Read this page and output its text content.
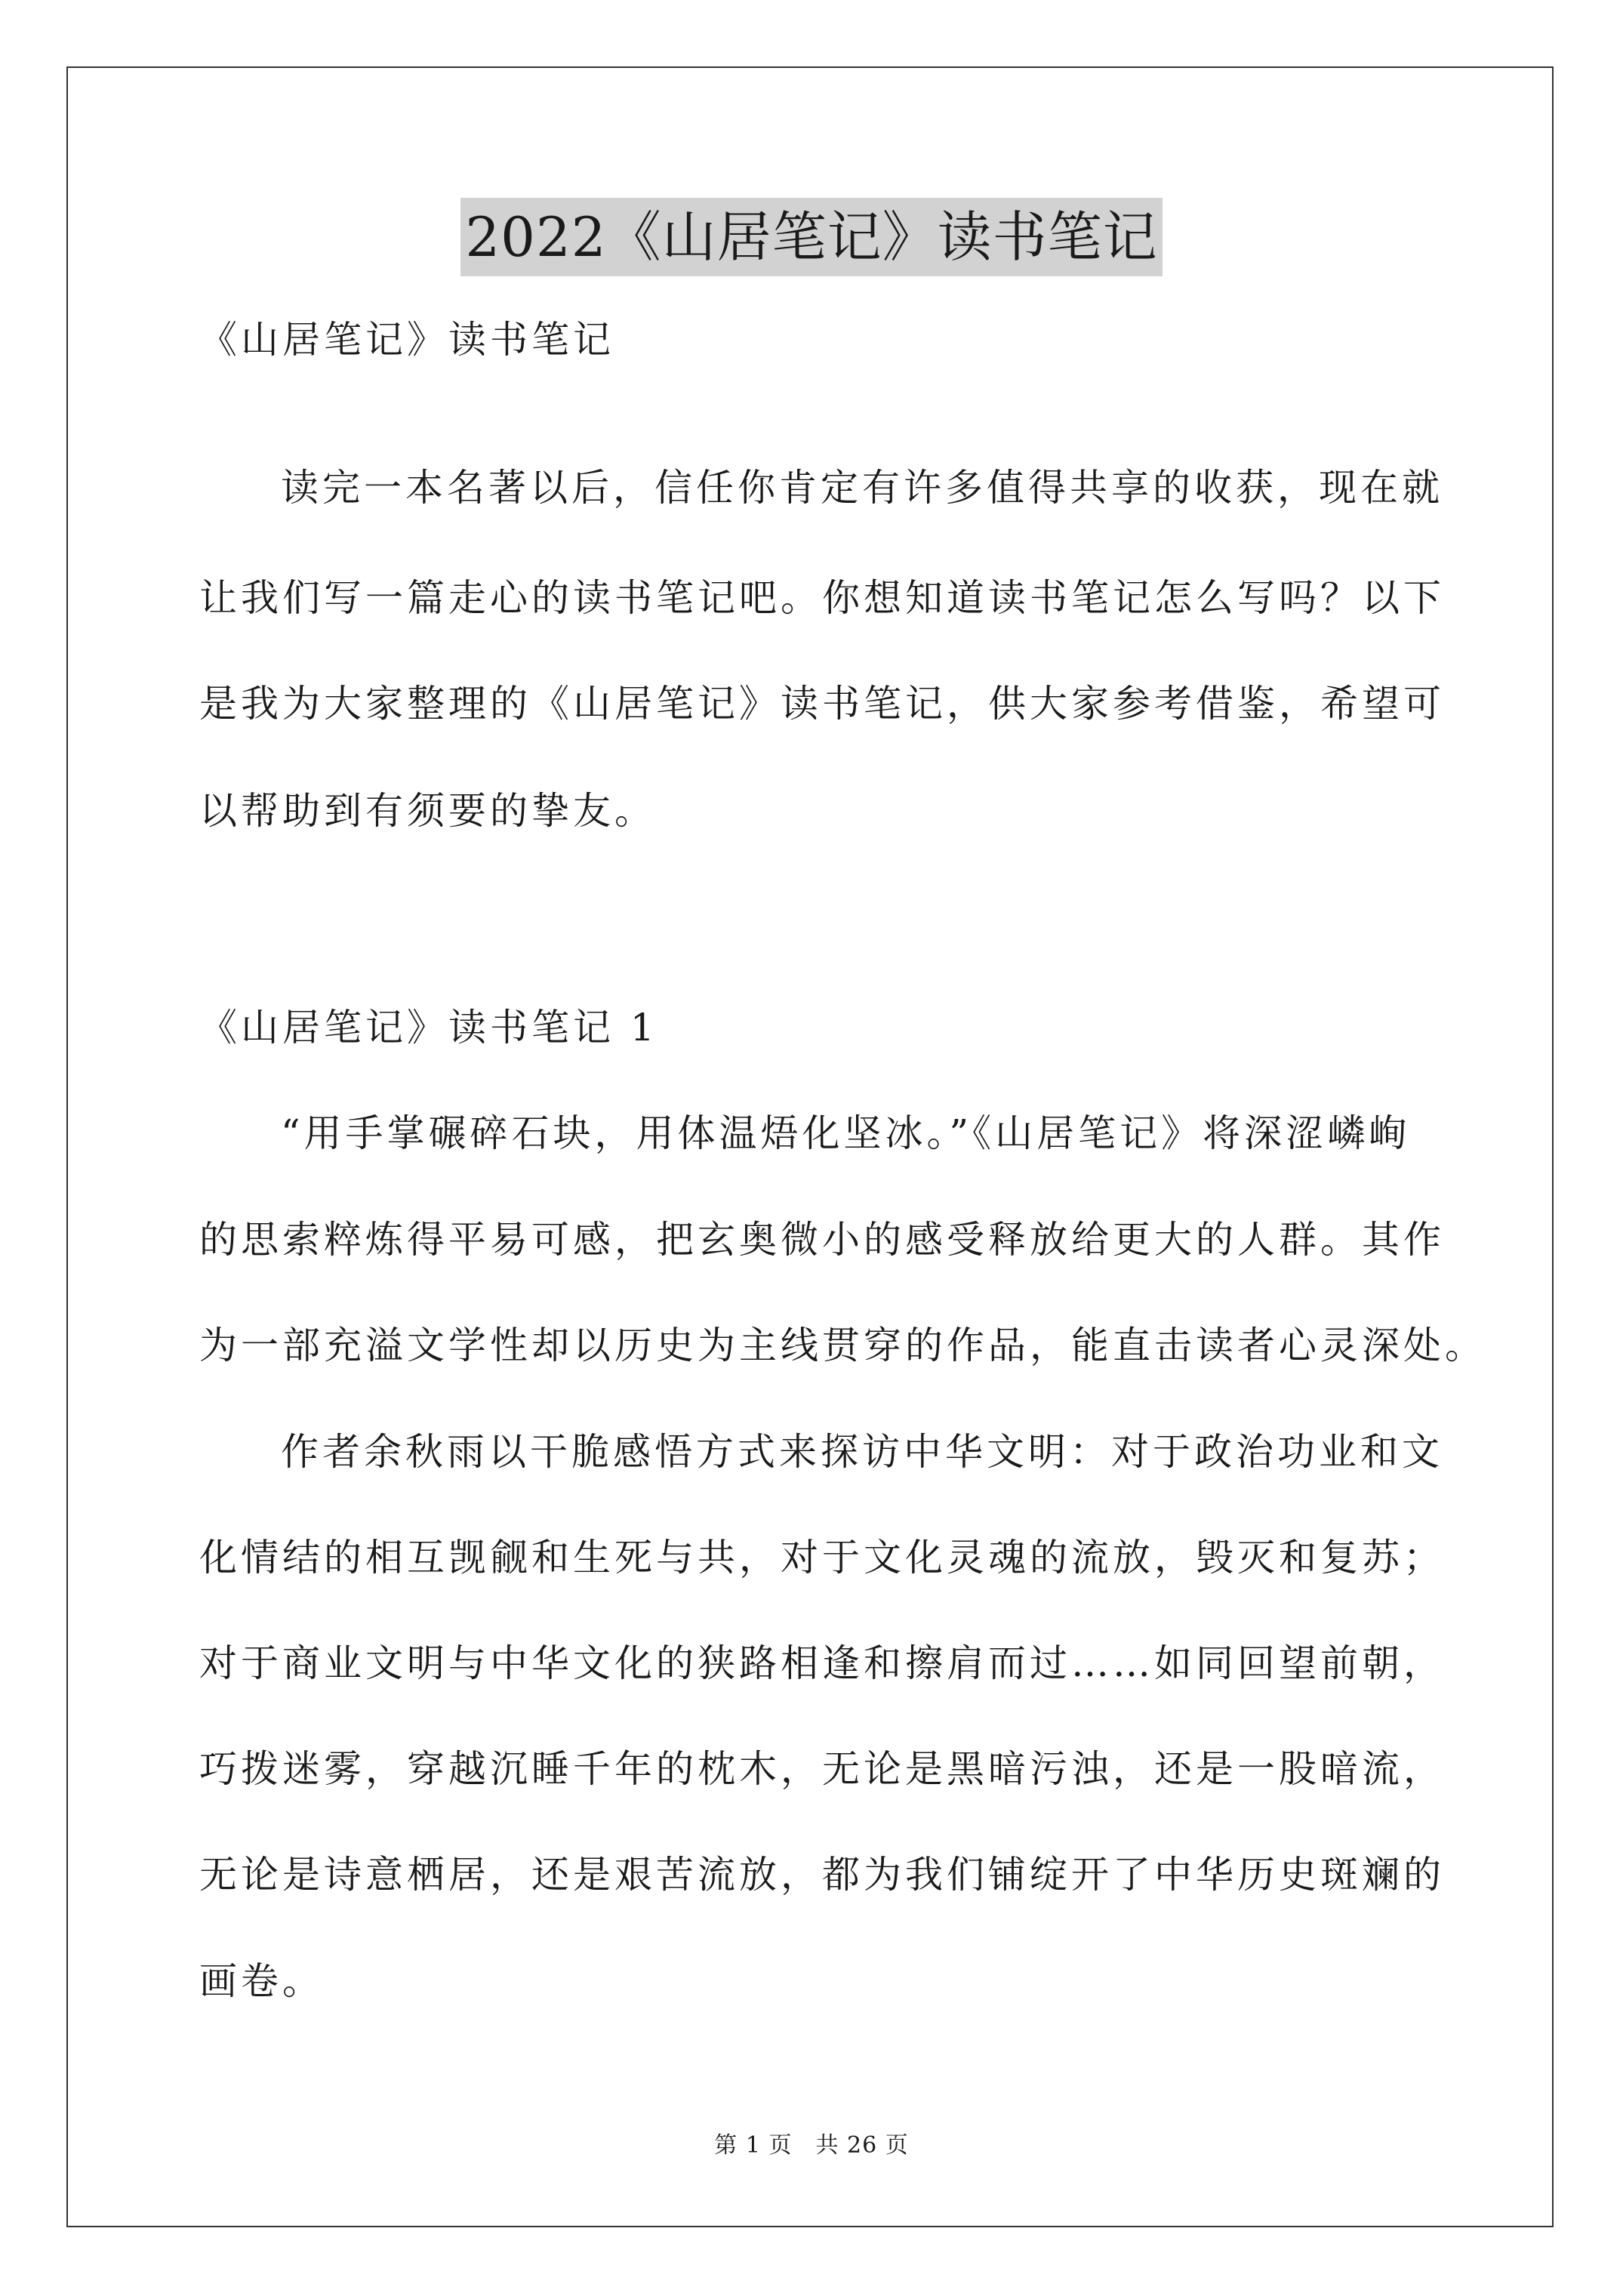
2022《山居笔记》读书笔记
《山居笔记》读书笔记
读完一本名著以后，信任你肯定有许多值得共享的收获，现在就
让我们写一篇走心的读书笔记吧。你想知道读书笔记怎么写吗？以下
是我为大家整理的《山居笔记》读书笔记，供大家参考借鉴，希望可
以帮助到有须要的挚友。
《山居笔记》读书笔记 1
“用手掌碾碎石块，用体温焐化坚冰。”《山居笔记》将深涩嶙峋
的思索粹炼得平易可感，把玄奥微小的感受释放给更大的人群。其作
为一部充溢文学性却以历史为主线贯穿的作品，能直击读者心灵深处。
作者余秋雨以干脆感悟方式来探访中华文明：对于政治功业和文
化情结的相互觊觎和生死与共，对于文化灵魂的流放，毁灭和复苏；
对于商业文明与中华文化的狭路相逢和擦肩而过……如同回望前朝，
巧拨迷雾，穿越沉睡千年的枕木，无论是黑暗污浊，还是一股暗流，
无论是诗意栖居，还是艰苦流放，都为我们铺绽开了中华历史斑斓的
画卷。
第 1 页　共 26 页
